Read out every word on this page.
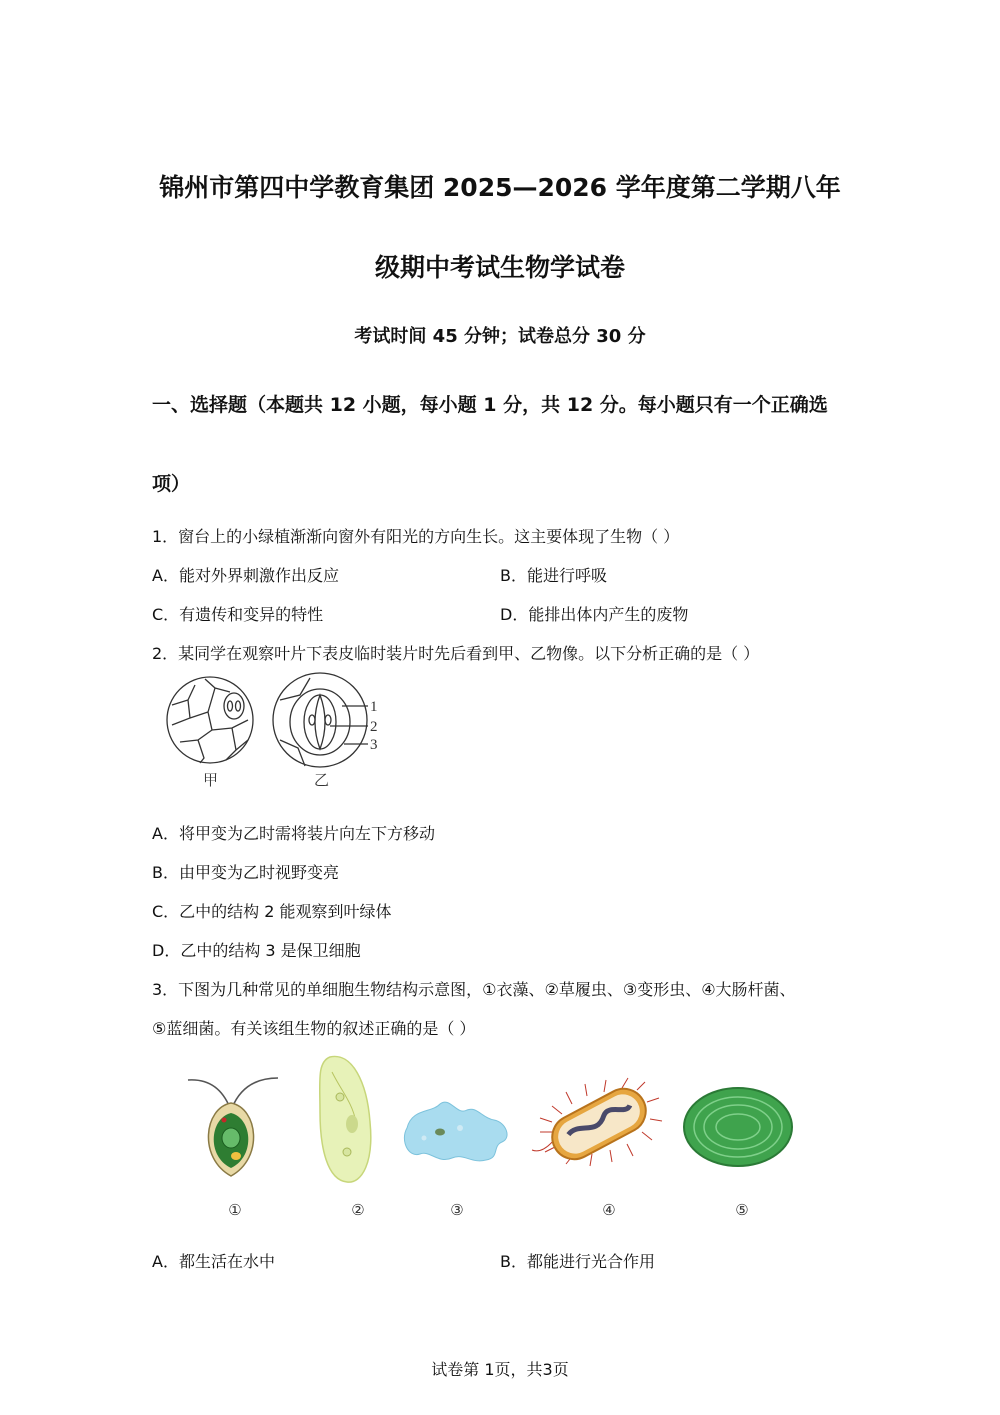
锦州市第四中学教育集团 2025—2026 学年度第二学期八年
级期中考试生物学试卷
考试时间 45 分钟；试卷总分 30 分
一、选择题（本题共 12 小题，每小题 1 分，共 12 分。每小题只有一个正确选
项）
1．窗台上的小绿植渐渐向窗外有阳光的方向生长。这主要体现了生物（ ）
A．能对外界刺激作出反应	B．能进行呼吸
C．有遗传和变异的特性	D．能排出体内产生的废物
2．某同学在观察叶片下表皮临时装片时先后看到甲、乙物像。以下分析正确的是（ ）
1
2
3
甲	乙
A．将甲变为乙时需将装片向左下方移动
B．由甲变为乙时视野变亮
C．乙中的结构 2 能观察到叶绿体
D．乙中的结构 3 是保卫细胞
3．下图为几种常见的单细胞生物结构示意图，①衣藻、②草履虫、③变形虫、④大肠杆菌、
⑤蓝细菌。有关该组生物的叙述正确的是（ ）
①	②	③	④	⑤
A．都生活在水中	B．都能进行光合作用
试卷第 1页，共3页
